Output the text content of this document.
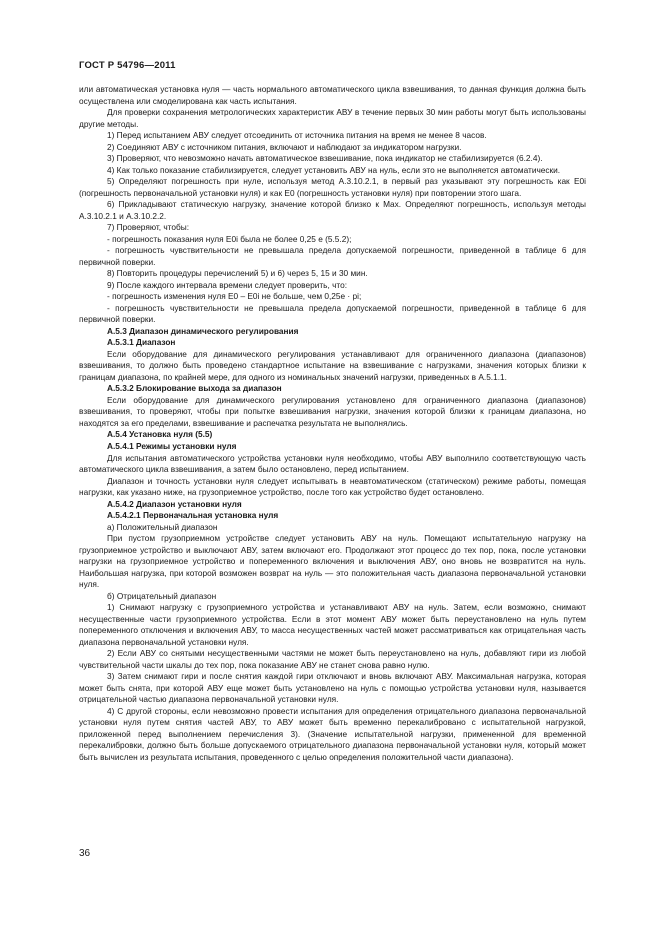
ГОСТ Р 54796—2011

или автоматическая установка нуля — часть нормального автоматического цикла взвешивания, то данная функция должна быть осуществлена или смоделирована как часть испытания.

Для проверки сохранения метрологических характеристик АВУ в течение первых 30 мин работы могут быть использованы другие методы.

1) Перед испытанием АВУ следует отсоединить от источника питания на время не менее 8 часов.

2) Соединяют АВУ с источником питания, включают и наблюдают за индикатором нагрузки.

3) Проверяют, что невозможно начать автоматическое взвешивание, пока индикатор не стабилизируется (6.2.4).

4) Как только показание стабилизируется, следует установить АВУ на нуль, если это не выполняется автоматически.

5) Определяют погрешность при нуле, используя метод А.3.10.2.1, в первый раз указывают эту погрешность как E0i (погрешность первоначальной установки нуля) и как E0 (погрешность установки нуля) при повторении этого шага.

6) Прикладывают статическую нагрузку, значение которой близко к Max. Определяют погрешность, используя методы А.3.10.2.1 и А.3.10.2.2.

7) Проверяют, чтобы:

- погрешность показания нуля E0i была не более 0,25 e (5.5.2);

- погрешность чувствительности не превышала предела допускаемой погрешности, приведенной в таблице 6 для первичной поверки.

8) Повторить процедуры перечислений 5) и 6) через 5, 15 и 30 мин.

9) После каждого интервала времени следует проверить, что:

- погрешность изменения нуля E0 – E0i не больше, чем 0,25e · pi;

- погрешность чувствительности не превышала предела допускаемой погрешности, приведенной в таблице 6 для первичной поверки.

А.5.3 Диапазон динамического регулирования

А.5.3.1 Диапазон

Если оборудование для динамического регулирования устанавливают для ограниченного диапазона (диапазонов) взвешивания, то должно быть проведено стандартное испытание на взвешивание с нагрузками, значения которых близки к границам диапазона, по крайней мере, для одного из номинальных значений нагрузки, приведенных в А.5.1.1.

А.5.3.2 Блокирование выхода за диапазон

Если оборудование для динамического регулирования установлено для ограниченного диапазона (диапазонов) взвешивания, то проверяют, чтобы при попытке взвешивания нагрузки, значения которой близки к границам диапазона, но находятся за его пределами, взвешивание и распечатка результата не выполнялись.

А.5.4 Установка нуля (5.5)

А.5.4.1 Режимы установки нуля

Для испытания автоматического устройства установки нуля необходимо, чтобы АВУ выполнило соответствующую часть автоматического цикла взвешивания, а затем было остановлено, перед испытанием.

Диапазон и точность установки нуля следует испытывать в неавтоматическом (статическом) режиме работы, помещая нагрузки, как указано ниже, на грузоприемное устройство, после того как устройство будет остановлено.

А.5.4.2 Диапазон установки нуля

А.5.4.2.1 Первоначальная установка нуля

а) Положительный диапазон

При пустом грузоприемном устройстве следует установить АВУ на нуль. Помещают испытательную нагрузку на грузоприемное устройство и выключают АВУ, затем включают его. Продолжают этот процесс до тех пор, пока, после установки нагрузки на грузоприемное устройство и попеременного включения и выключения АВУ, оно вновь не возвратится на нуль. Наибольшая нагрузка, при которой возможен возврат на нуль — это положительная часть диапазона первоначальной установки нуля.

б) Отрицательный диапазон

1) Снимают нагрузку с грузоприемного устройства и устанавливают АВУ на нуль. Затем, если возможно, снимают несущественные части грузоприемного устройства. Если в этот момент АВУ может быть переустановлено на нуль путем попеременного отключения и включения АВУ, то масса несущественных частей может рассматриваться как отрицательная часть диапазона первоначальной установки нуля.

2) Если АВУ со снятыми несущественными частями не может быть переустановлено на нуль, добавляют гири из любой чувствительной части шкалы до тех пор, пока показание АВУ не станет снова равно нулю.

3) Затем снимают гири и после снятия каждой гири отключают и вновь включают АВУ. Максимальная нагрузка, которая может быть снята, при которой АВУ еще может быть установлено на нуль с помощью устройства установки нуля, называется отрицательной частью диапазона первоначальной установки нуля.

4) С другой стороны, если невозможно провести испытания для определения отрицательного диапазона первоначальной установки нуля путем снятия частей АВУ, то АВУ может быть временно перекалибровано с испытательной нагрузкой, приложенной перед выполнением перечисления 3). (Значение испытательной нагрузки, примененной для временной перекалибровки, должно быть больше допускаемого отрицательного диапазона первоначальной установки нуля, который может быть вычислен из результата испытания, проведенного с целью определения положительной части диапазона).

36
